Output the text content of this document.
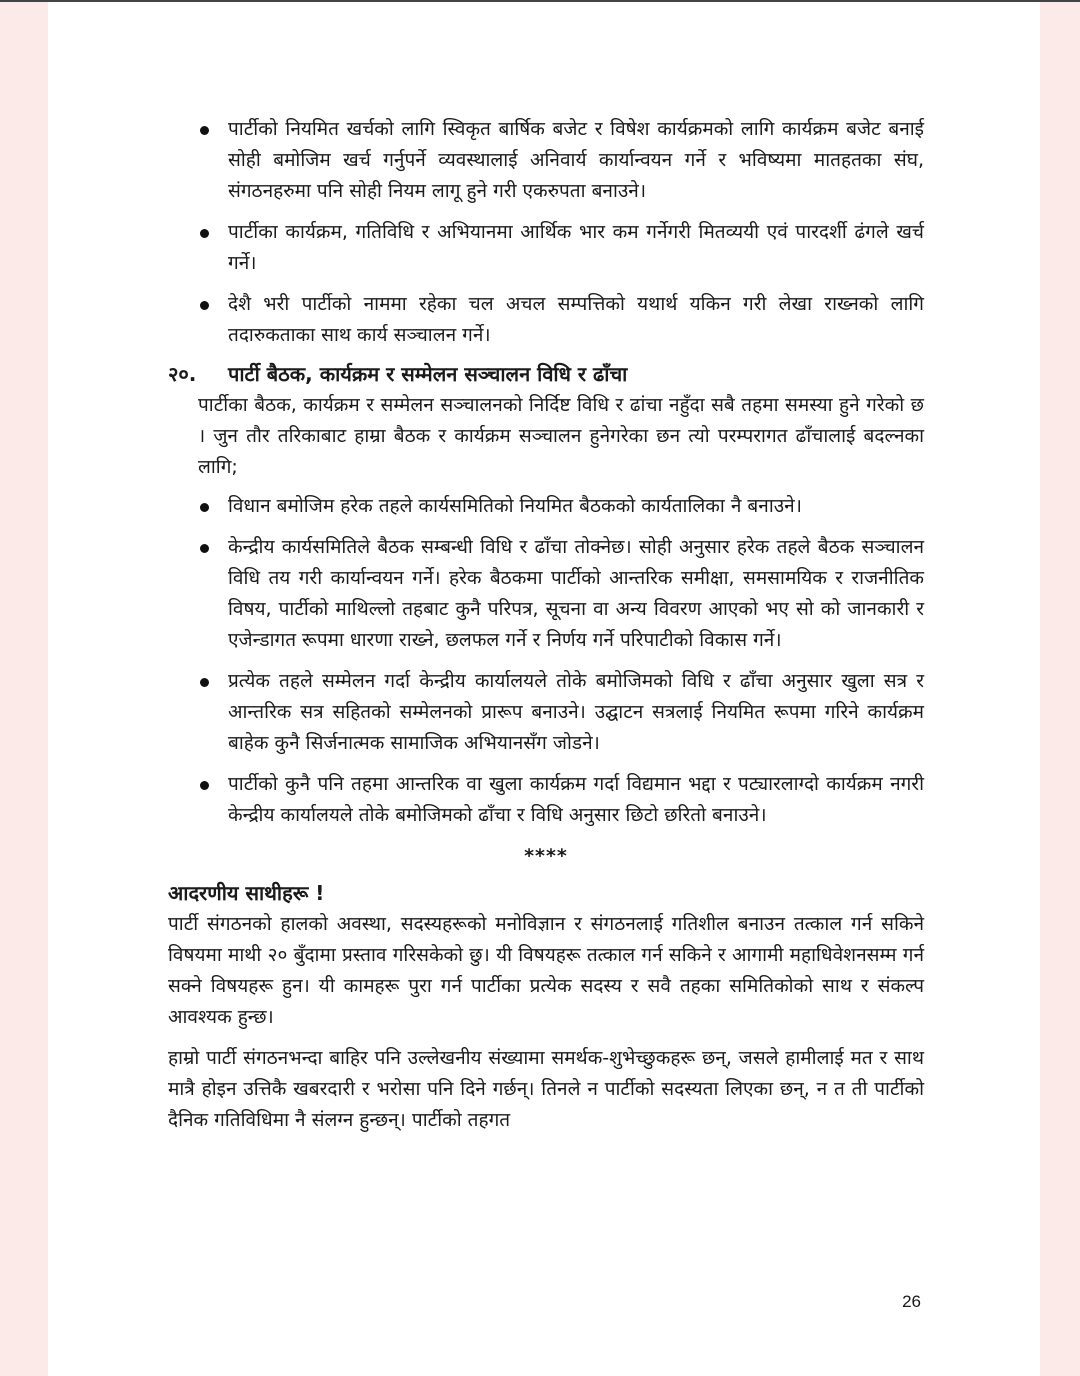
पार्टीको नियमित खर्चको लागि स्विकृत बार्षिक बजेट र विषेश कार्यक्रमको लागि कार्यक्रम बजेट बनाई सोही बमोजिम खर्च गर्नुपर्ने व्यवस्थालाई अनिवार्य कार्यान्वयन गर्ने र भविष्यमा मातहतका संघ, संगठनहरुमा पनि सोही नियम लागू हुने गरी एकरुपता बनाउने।
पार्टीका कार्यक्रम, गतिविधि र अभियानमा आर्थिक भार कम गर्नेगरी मितव्ययी एवं पारदर्शी ढंगले खर्च गर्ने।
देशै भरी पार्टीको नाममा रहेका चल अचल सम्पत्तिको यथार्थ यकिन गरी लेखा राख्नको लागि तदारुकताका साथ कार्य सञ्चालन गर्ने।
२०.	पार्टी बैठक, कार्यक्रम र सम्मेलन सञ्चालन विधि र ढाँचा

पार्टीका बैठक, कार्यक्रम र सम्मेलन सञ्चालनको निर्दिष्ट विधि र ढांचा नहुँदा सबै तहमा समस्या हुने गरेको छ । जुन तौर तरिकाबाट हाम्रा बैठक र कार्यक्रम सञ्चालन हुनेगरेका छन त्यो परम्परागत ढाँचालाई बदल्नका लागि;

विधान बमोजिम हरेक तहले कार्यसमितिको नियमित बैठकको कार्यतालिका नै बनाउने।
केन्द्रीय कार्यसमितिले बैठक सम्बन्धी विधि र ढाँचा तोक्नेछ। सोही अनुसार हरेक तहले बैठक सञ्चालन विधि तय गरी कार्यान्वयन गर्ने। हरेक बैठकमा पार्टीको आन्तरिक समीक्षा, समसामयिक र राजनीतिक विषय, पार्टीको माथिल्लो तहबाट कुनै परिपत्र, सूचना वा अन्य विवरण आएको भए सो को जानकारी र एजेन्डागत रूपमा धारणा राख्ने, छलफल गर्ने र निर्णय गर्ने परिपाटीको विकास गर्ने।
प्रत्येक तहले सम्मेलन गर्दा केन्द्रीय कार्यालयले तोके बमोजिमको विधि र ढाँचा अनुसार खुला सत्र र आन्तरिक सत्र सहितको सम्मेलनको प्रारूप बनाउने। उद्घाटन सत्रलाई नियमित रूपमा गरिने कार्यक्रम बाहेक कुनै सिर्जनात्मक सामाजिक अभियानसँग जोडने।
पार्टीको कुनै पनि तहमा आन्तरिक वा खुला कार्यक्रम गर्दा विद्यमान भद्दा र पट्यारलाग्दो कार्यक्रम नगरी केन्द्रीय कार्यालयले तोके बमोजिमको ढाँचा र विधि अनुसार छिटो छरितो बनाउने।
****

आदरणीय साथीहरू !

पार्टी संगठनको हालको अवस्था, सदस्यहरूको मनोविज्ञान र संगठनलाई गतिशील बनाउन तत्काल गर्न सकिने विषयमा माथी २० बुँदामा प्रस्ताव गरिसकेको छु। यी विषयहरू तत्काल गर्न सकिने र आगामी महाधिवेशनसम्म गर्न सक्ने विषयहरू हुन। यी कामहरू पुरा गर्न पार्टीका प्रत्येक सदस्य र सवै तहका समितिकोको साथ र संकल्प आवश्यक हुन्छ।

हाम्रो पार्टी संगठनभन्दा बाहिर पनि उल्लेखनीय संख्यामा समर्थक-शुभेच्छुकहरू छन्, जसले हामीलाई मत र साथ मात्रै होइन उत्तिकै खबरदारी र भरोसा पनि दिने गर्छन्। तिनले न पार्टीको सदस्यता लिएका छन्, न त ती पार्टीको दैनिक गतिविधिमा नै संलग्न हुन्छन्। पार्टीको तहगत

26
